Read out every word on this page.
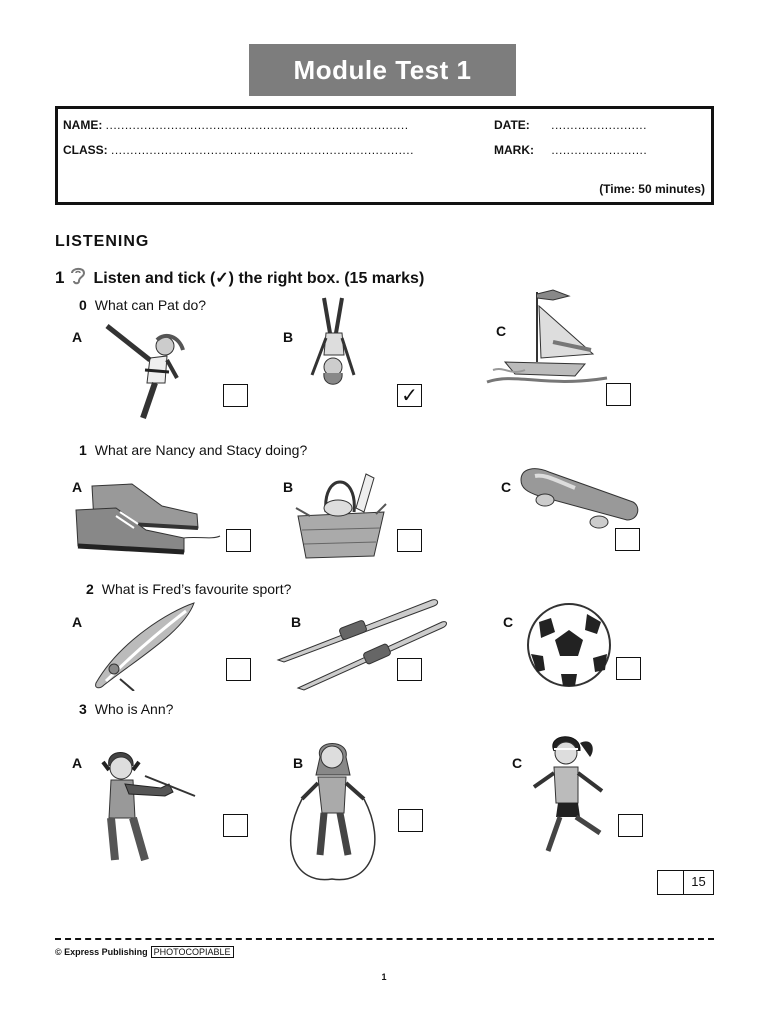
Module Test 1
NAME: ...............................................................................	DATE: .........................
CLASS: ...............................................................................	MARK: .........................
(Time: 50 minutes)
LISTENING
1 Listen and tick (✓) the right box. (15 marks)
0 What can Pat do?
A	B	C
✓
1 What are Nancy and Stacy doing?
A	B	C
2 What is Fred’s favourite sport?
A	B	C
3 Who is Ann?
A	B	C
15
© Express Publishing PHOTOCOPIABLE
1
